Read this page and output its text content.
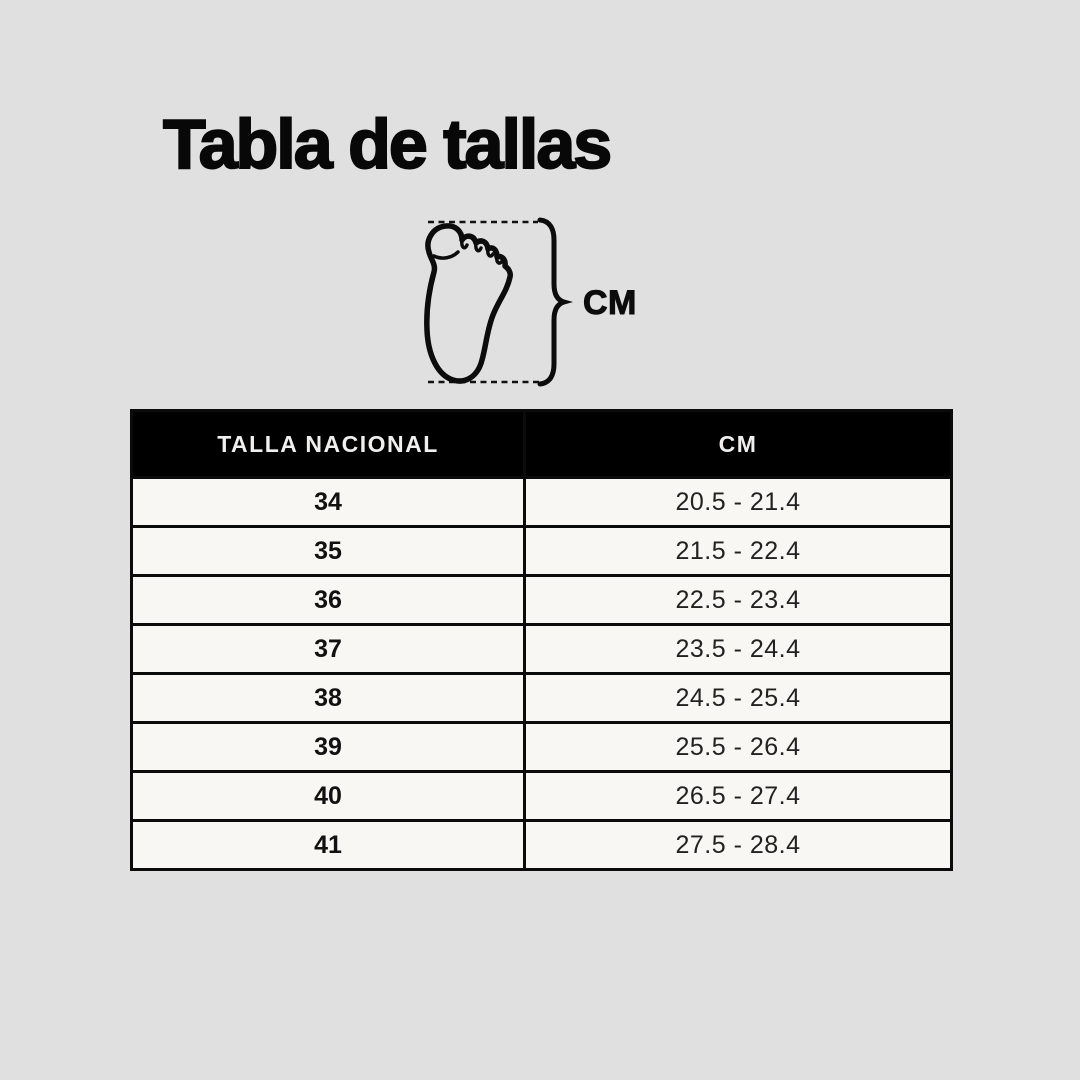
Tabla de tallas
CM
TALLA NACIONAL	CM
34	20.5 - 21.4
35	21.5 - 22.4
36	22.5 - 23.4
37	23.5 - 24.4
38	24.5 - 25.4
39	25.5 - 26.4
40	26.5 - 27.4
41	27.5 - 28.4
